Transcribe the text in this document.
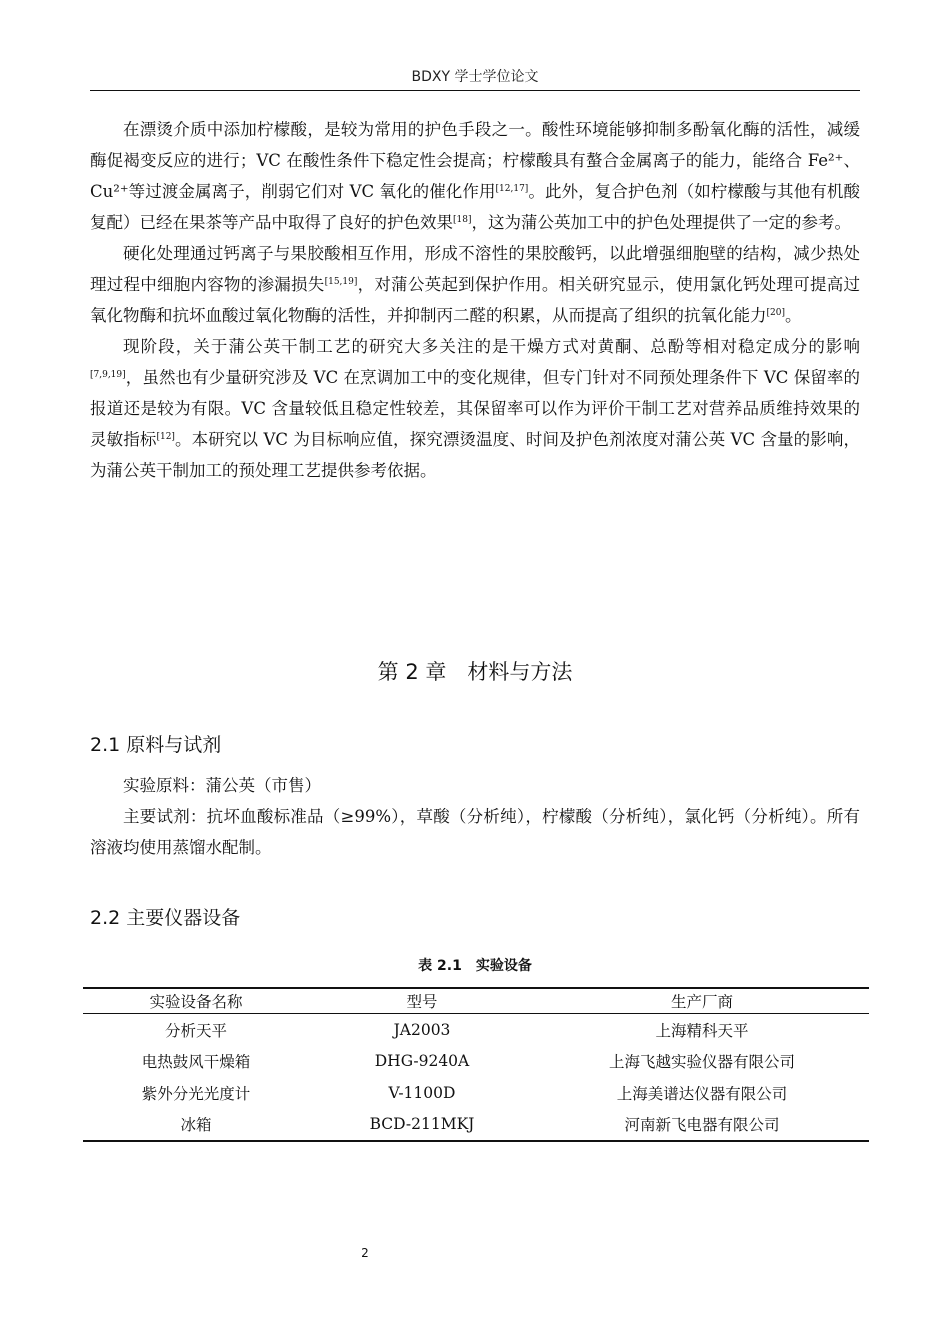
BDXY 学士学位论文

在漂烫介质中添加柠檬酸，是较为常用的护色手段之一。酸性环境能够抑制多酚氧化酶的活性，减缓酶促褐变反应的进行；VC 在酸性条件下稳定性会提高；柠檬酸具有螯合金属离子的能力，能络合 Fe²⁺、Cu²⁺等过渡金属离子，削弱它们对 VC 氧化的催化作用[12,17]。此外，复合护色剂（如柠檬酸与其他有机酸复配）已经在果茶等产品中取得了良好的护色效果[18]，这为蒲公英加工中的护色处理提供了一定的参考。

硬化处理通过钙离子与果胶酸相互作用，形成不溶性的果胶酸钙，以此增强细胞壁的结构，减少热处理过程中细胞内容物的渗漏损失[15,19]，对蒲公英起到保护作用。相关研究显示，使用氯化钙处理可提高过氧化物酶和抗坏血酸过氧化物酶的活性，并抑制丙二醛的积累，从而提高了组织的抗氧化能力[20]。

现阶段，关于蒲公英干制工艺的研究大多关注的是干燥方式对黄酮、总酚等相对稳定成分的影响[7,9,19]，虽然也有少量研究涉及 VC 在烹调加工中的变化规律，但专门针对不同预处理条件下 VC 保留率的报道还是较为有限。VC 含量较低且稳定性较差，其保留率可以作为评价干制工艺对营养品质维持效果的灵敏指标[12]。本研究以 VC 为目标响应值，探究漂烫温度、时间及护色剂浓度对蒲公英 VC 含量的影响，为蒲公英干制加工的预处理工艺提供参考依据。

第 2 章　材料与方法
2.1 原料与试剂

实验原料：蒲公英（市售）

主要试剂：抗坏血酸标准品（≥99%），草酸（分析纯），柠檬酸（分析纯），氯化钙（分析纯）。所有溶液均使用蒸馏水配制。

2.2 主要仪器设备
表 2.1　实验设备
实验设备名称	型号	生产厂商
分析天平	JA2003	上海精科天平
电热鼓风干燥箱	DHG-9240A	上海飞越实验仪器有限公司
紫外分光光度计	V-1100D	上海美谱达仪器有限公司
冰箱	BCD-211MKJ	河南新飞电器有限公司
2
